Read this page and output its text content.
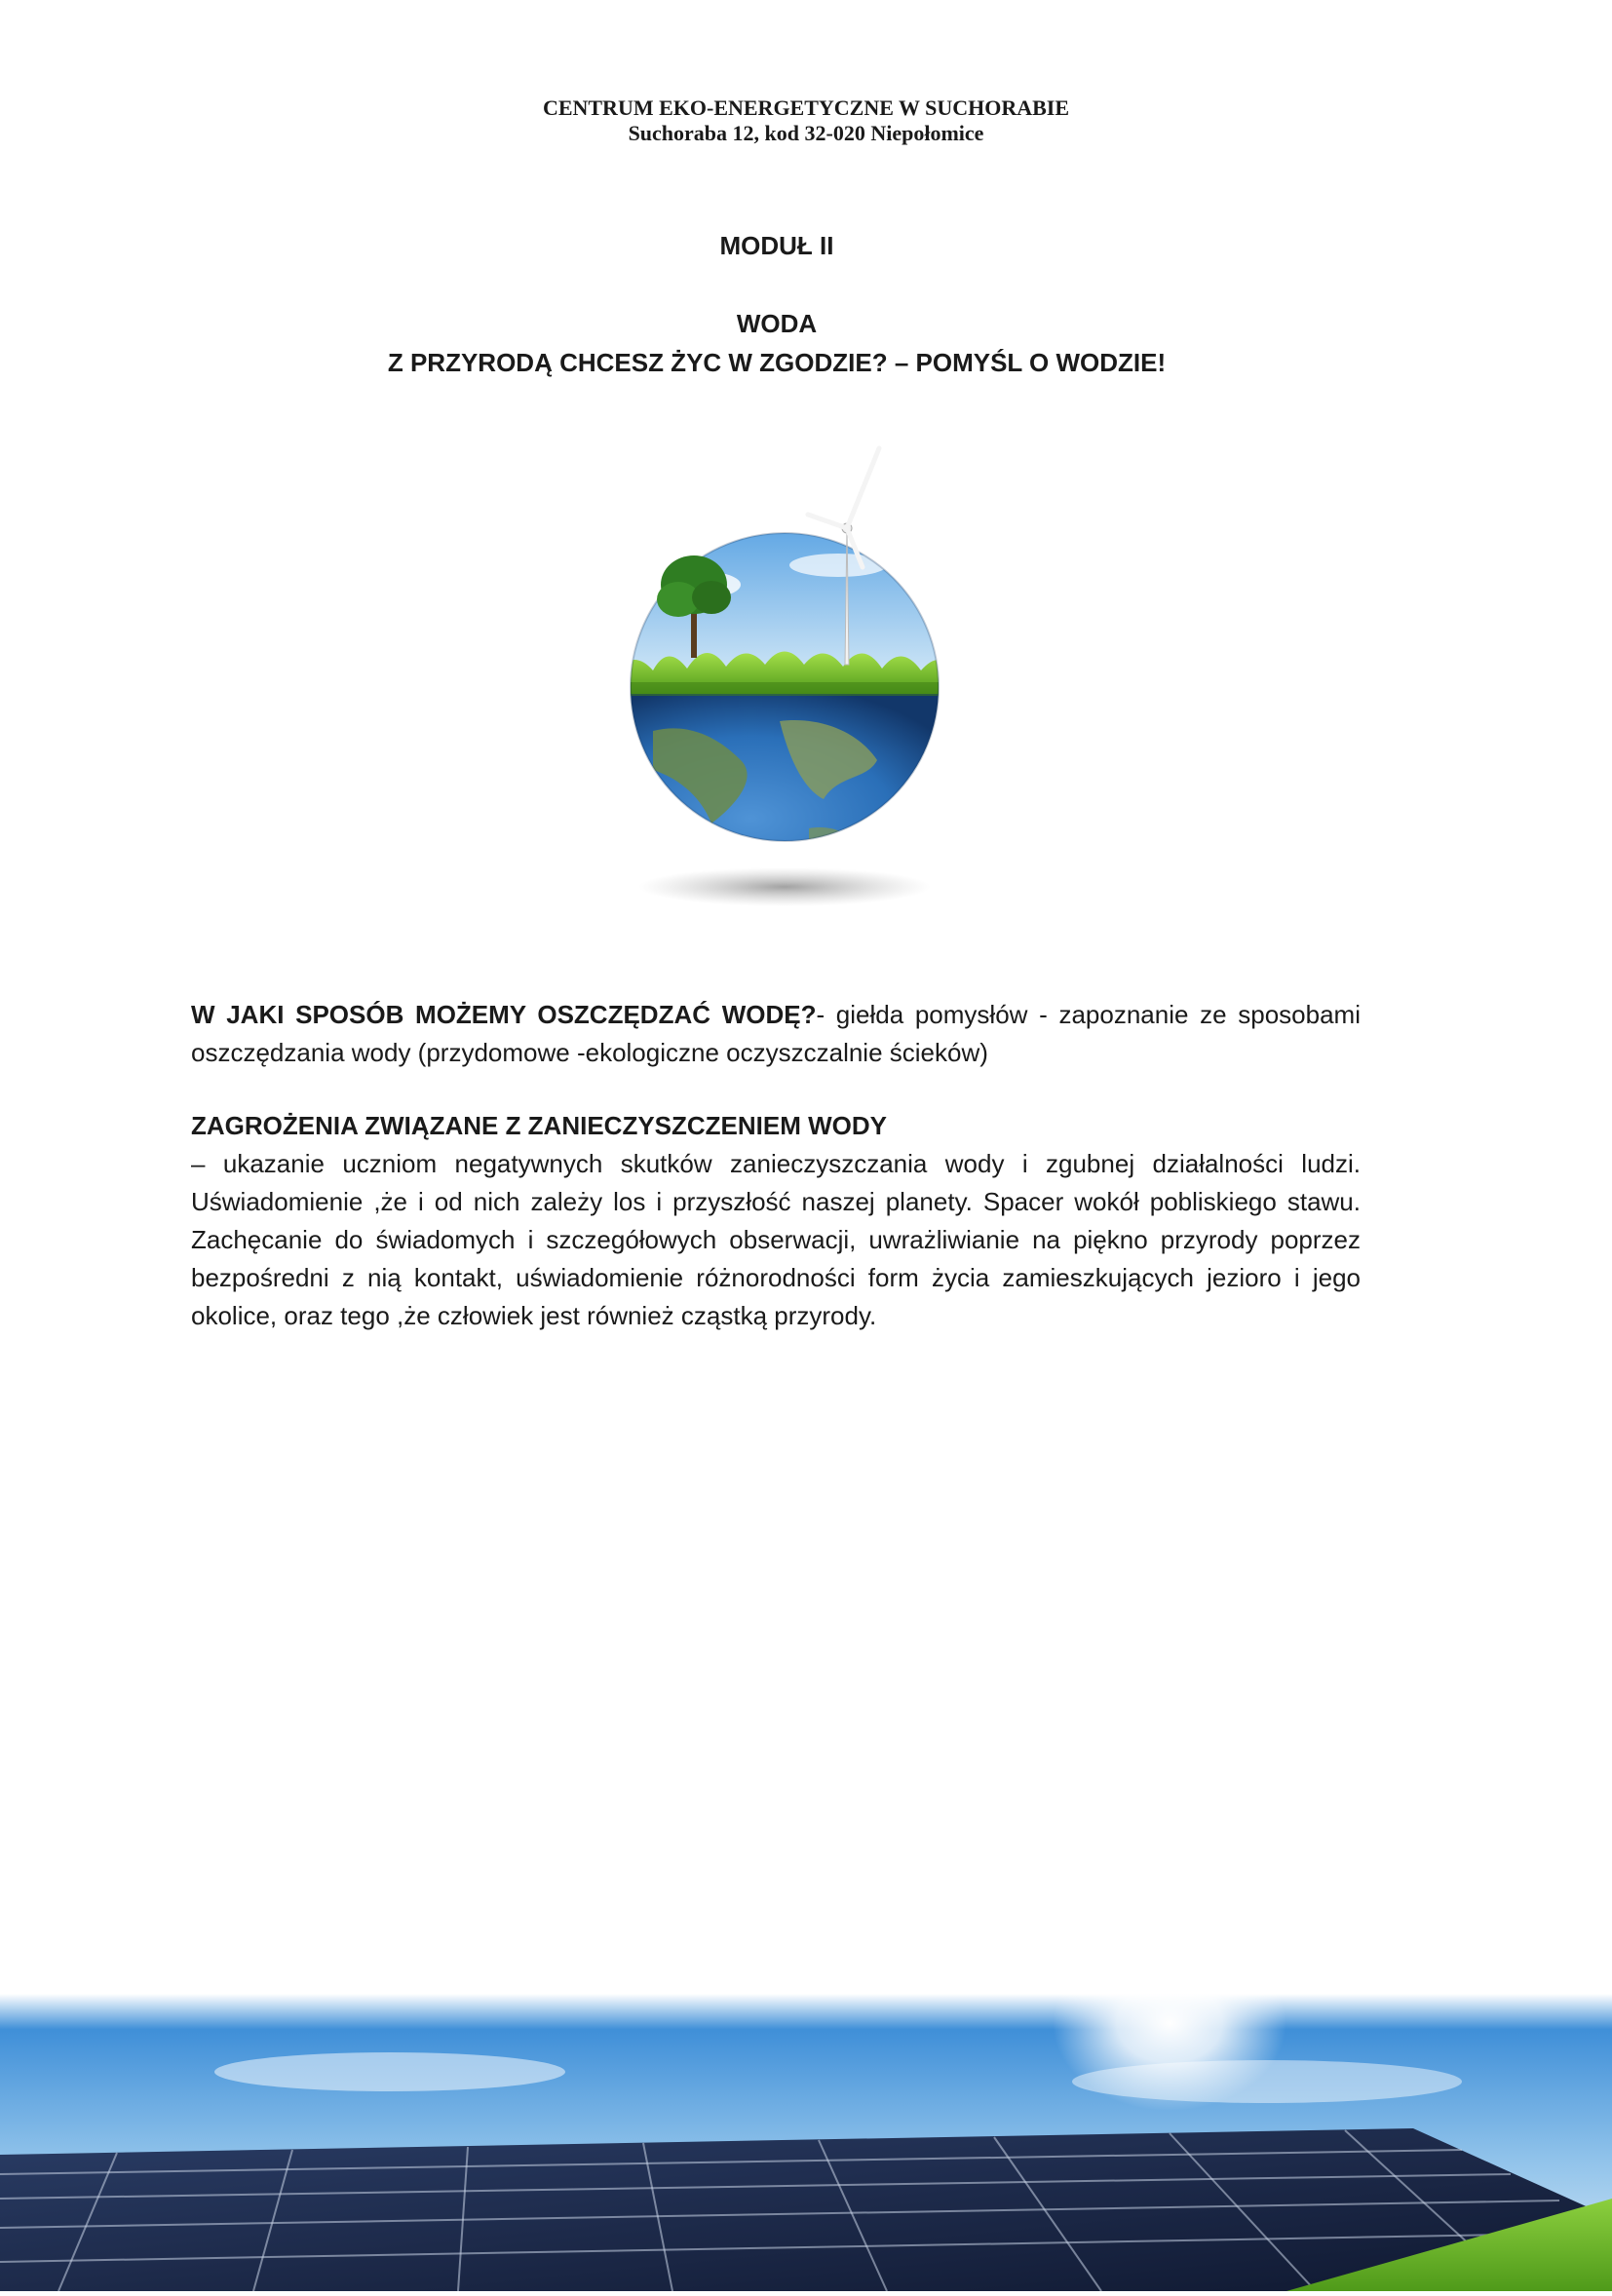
CENTRUM EKO-ENERGETYCZNE W SUCHORABIE
Suchoraba 12, kod 32-020 Niepołomice
MODUŁ II
WODA
Z PRZYRODĄ CHCESZ ŻYC W ZGODZIE? – POMYŚL O WODZIE!

W JAKI SPOSÓB MOŻEMY OSZCZĘDZAĆ WODĘ?- giełda pomysłów - zapoznanie ze sposobami oszczędzania wody (przydomowe -ekologiczne oczyszczalnie ścieków)

ZAGROŻENIA ZWIĄZANE Z ZANIECZYSZCZENIEM WODY

– ukazanie uczniom negatywnych skutków zanieczyszczania wody i zgubnej działalności ludzi. Uświadomienie ,że i od nich zależy los i przyszłość naszej planety. Spacer wokół pobliskiego stawu. Zachęcanie do świadomych i szczegółowych obserwacji, uwrażliwianie na piękno przyrody poprzez bezpośredni z nią kontakt, uświadomienie różnorodności form życia zamieszkujących jezioro i jego okolice, oraz tego ,że człowiek jest również cząstką przyrody.
